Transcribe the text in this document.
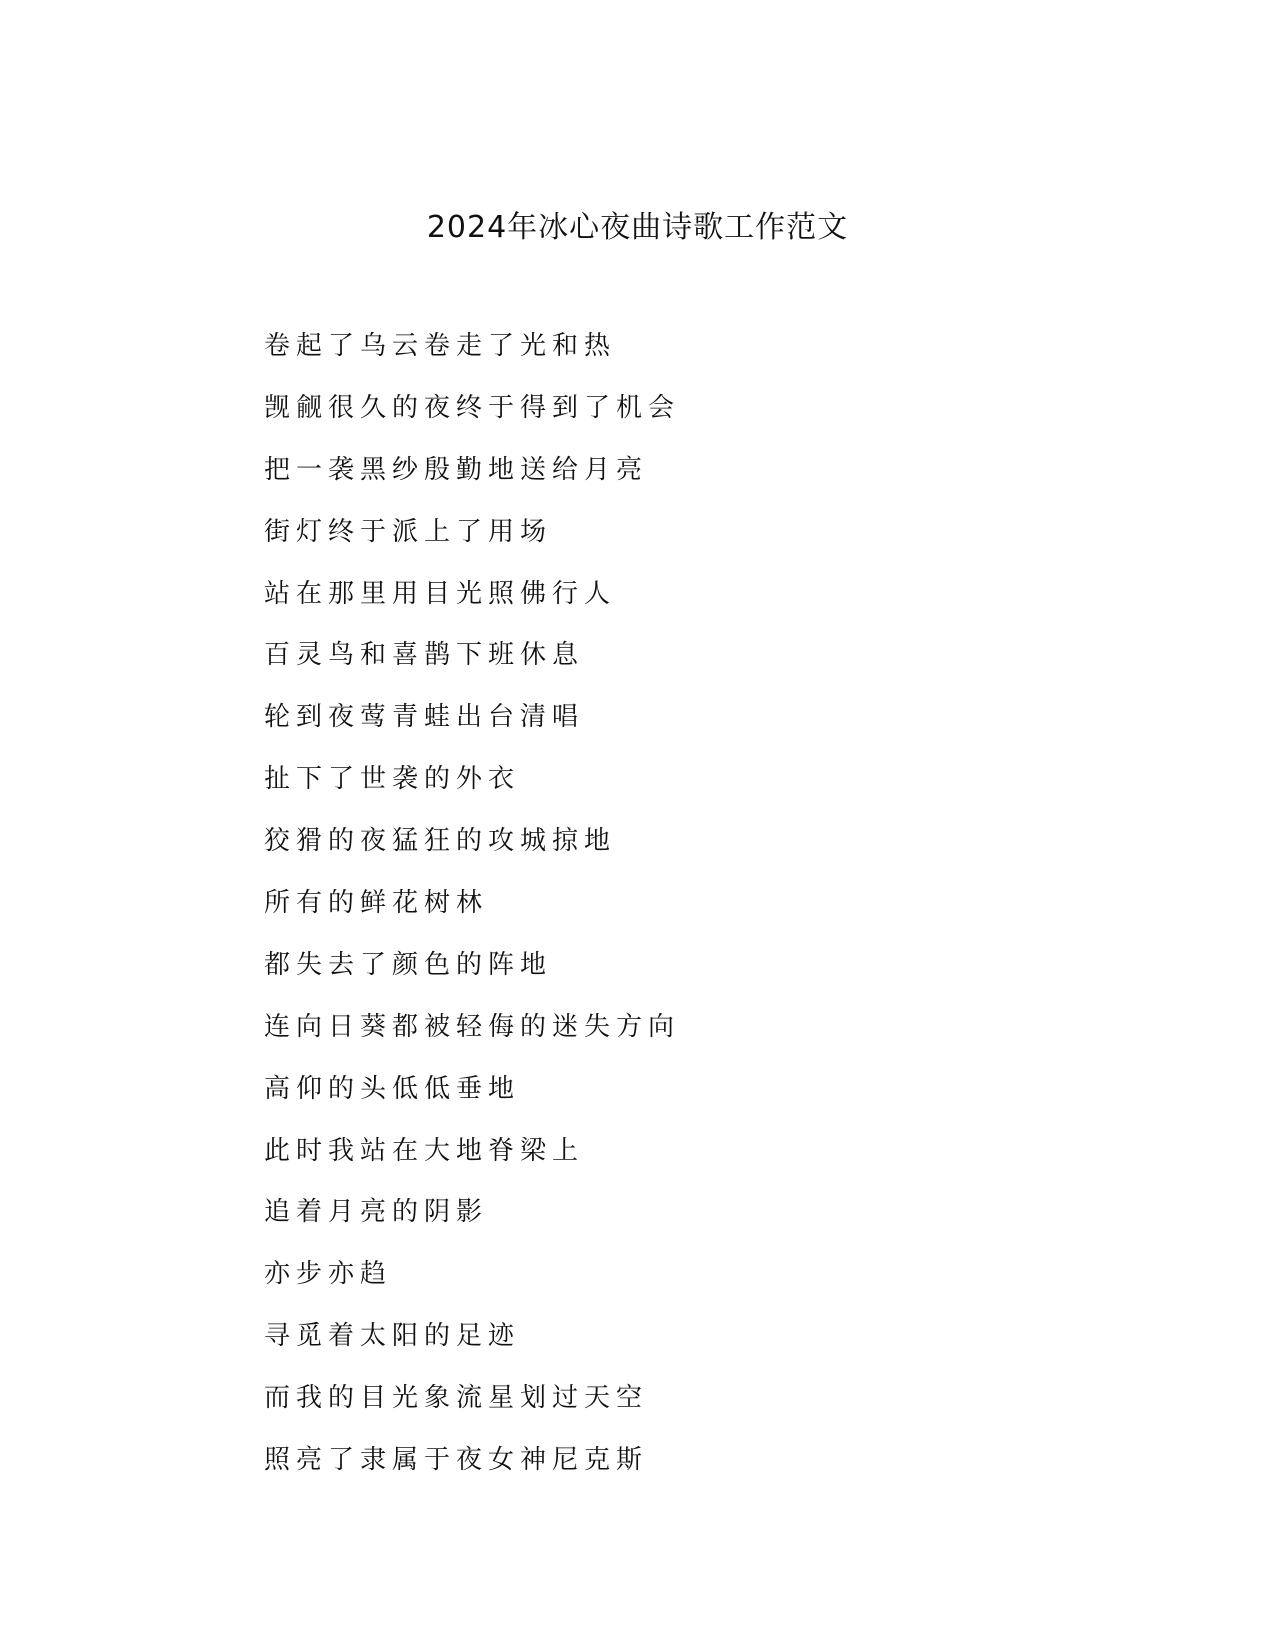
2024年冰心夜曲诗歌工作范文
卷起了乌云卷走了光和热
觊觎很久的夜终于得到了机会
把一袭黑纱殷勤地送给月亮
街灯终于派上了用场
站在那里用目光照佛行人
百灵鸟和喜鹊下班休息
轮到夜莺青蛙出台清唱
扯下了世袭的外衣
狡猾的夜猛狂的攻城掠地
所有的鲜花树林
都失去了颜色的阵地
连向日葵都被轻侮的迷失方向
高仰的头低低垂地
此时我站在大地脊梁上
追着月亮的阴影
亦步亦趋
寻觅着太阳的足迹
而我的目光象流星划过天空
照亮了隶属于夜女神尼克斯
